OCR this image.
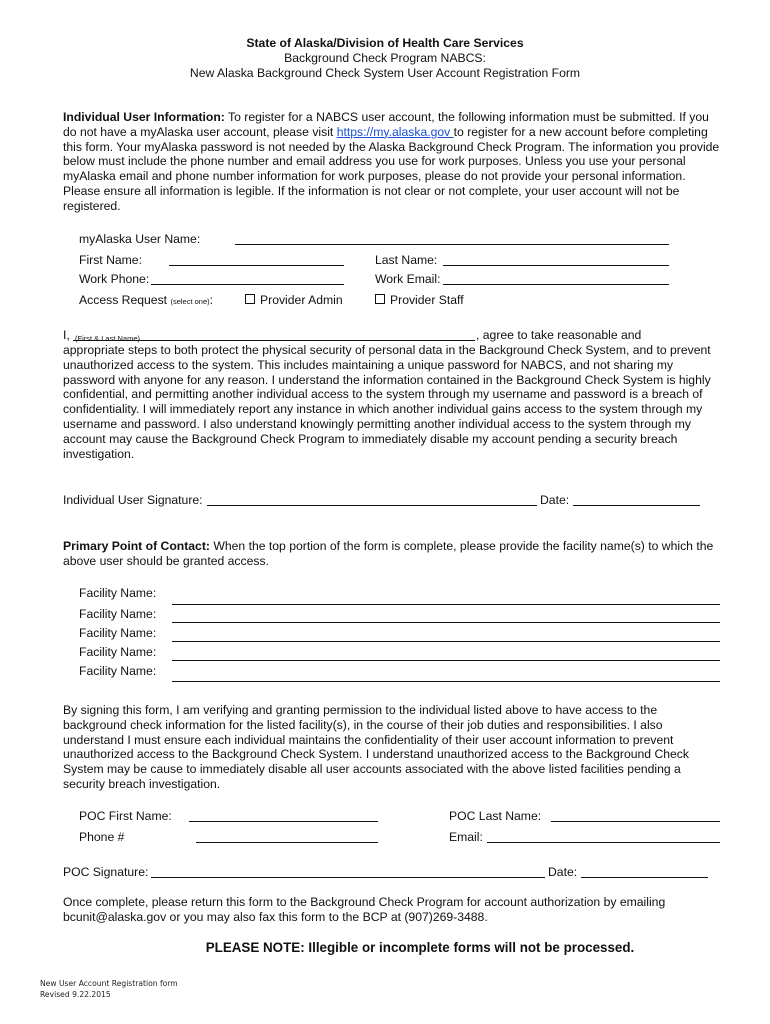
State of Alaska/Division of Health Care Services
Background Check Program NABCS:
New Alaska Background Check System User Account Registration Form
Individual User Information: To register for a NABCS user account, the following information must be submitted. If you do not have a myAlaska user account, please visit https://my.alaska.gov to register for a new account before completing this form. Your myAlaska password is not needed by the Alaska Background Check Program. The information you provide below must include the phone number and email address you use for work purposes. Unless you use your personal myAlaska email and phone number information for work purposes, please do not provide your personal information. Please ensure all information is legible. If the information is not clear or not complete, your user account will not be registered.
myAlaska User Name:
First Name:	Last Name:
Work Phone:	Work Email:
Access Request (select one):	Provider Admin	Provider Staff
I, (First & Last Name)	, agree to take reasonable and
appropriate steps to both protect the physical security of personal data in the Background Check System, and to prevent unauthorized access to the system. This includes maintaining a unique password for NABCS, and not sharing my password with anyone for any reason. I understand the information contained in the Background Check System is highly confidential, and permitting another individual access to the system through my username and password is a breach of confidentiality. I will immediately report any instance in which another individual gains access to the system through my username and password. I also understand knowingly permitting another individual access to the system through my account may cause the Background Check Program to immediately disable my account pending a security breach investigation.
Individual User Signature:	Date:
Primary Point of Contact: When the top portion of the form is complete, please provide the facility name(s) to which the above user should be granted access.
Facility Name:
Facility Name:
Facility Name:
Facility Name:
Facility Name:
By signing this form, I am verifying and granting permission to the individual listed above to have access to the background check information for the listed facility(s), in the course of their job duties and responsibilities. I also understand I must ensure each individual maintains the confidentiality of their user account information to prevent unauthorized access to the Background Check System. I understand unauthorized access to the Background Check System may be cause to immediately disable all user accounts associated with the above listed facilities pending a security breach investigation.
POC First Name:	POC Last Name:
Phone #	Email:
POC Signature:	Date:
Once complete, please return this form to the Background Check Program for account authorization by emailing bcunit@alaska.gov or you may also fax this form to the BCP at (907)269-3488.
PLEASE NOTE: Illegible or incomplete forms will not be processed.
New User Account Registration form
Revised 9.22.2015
